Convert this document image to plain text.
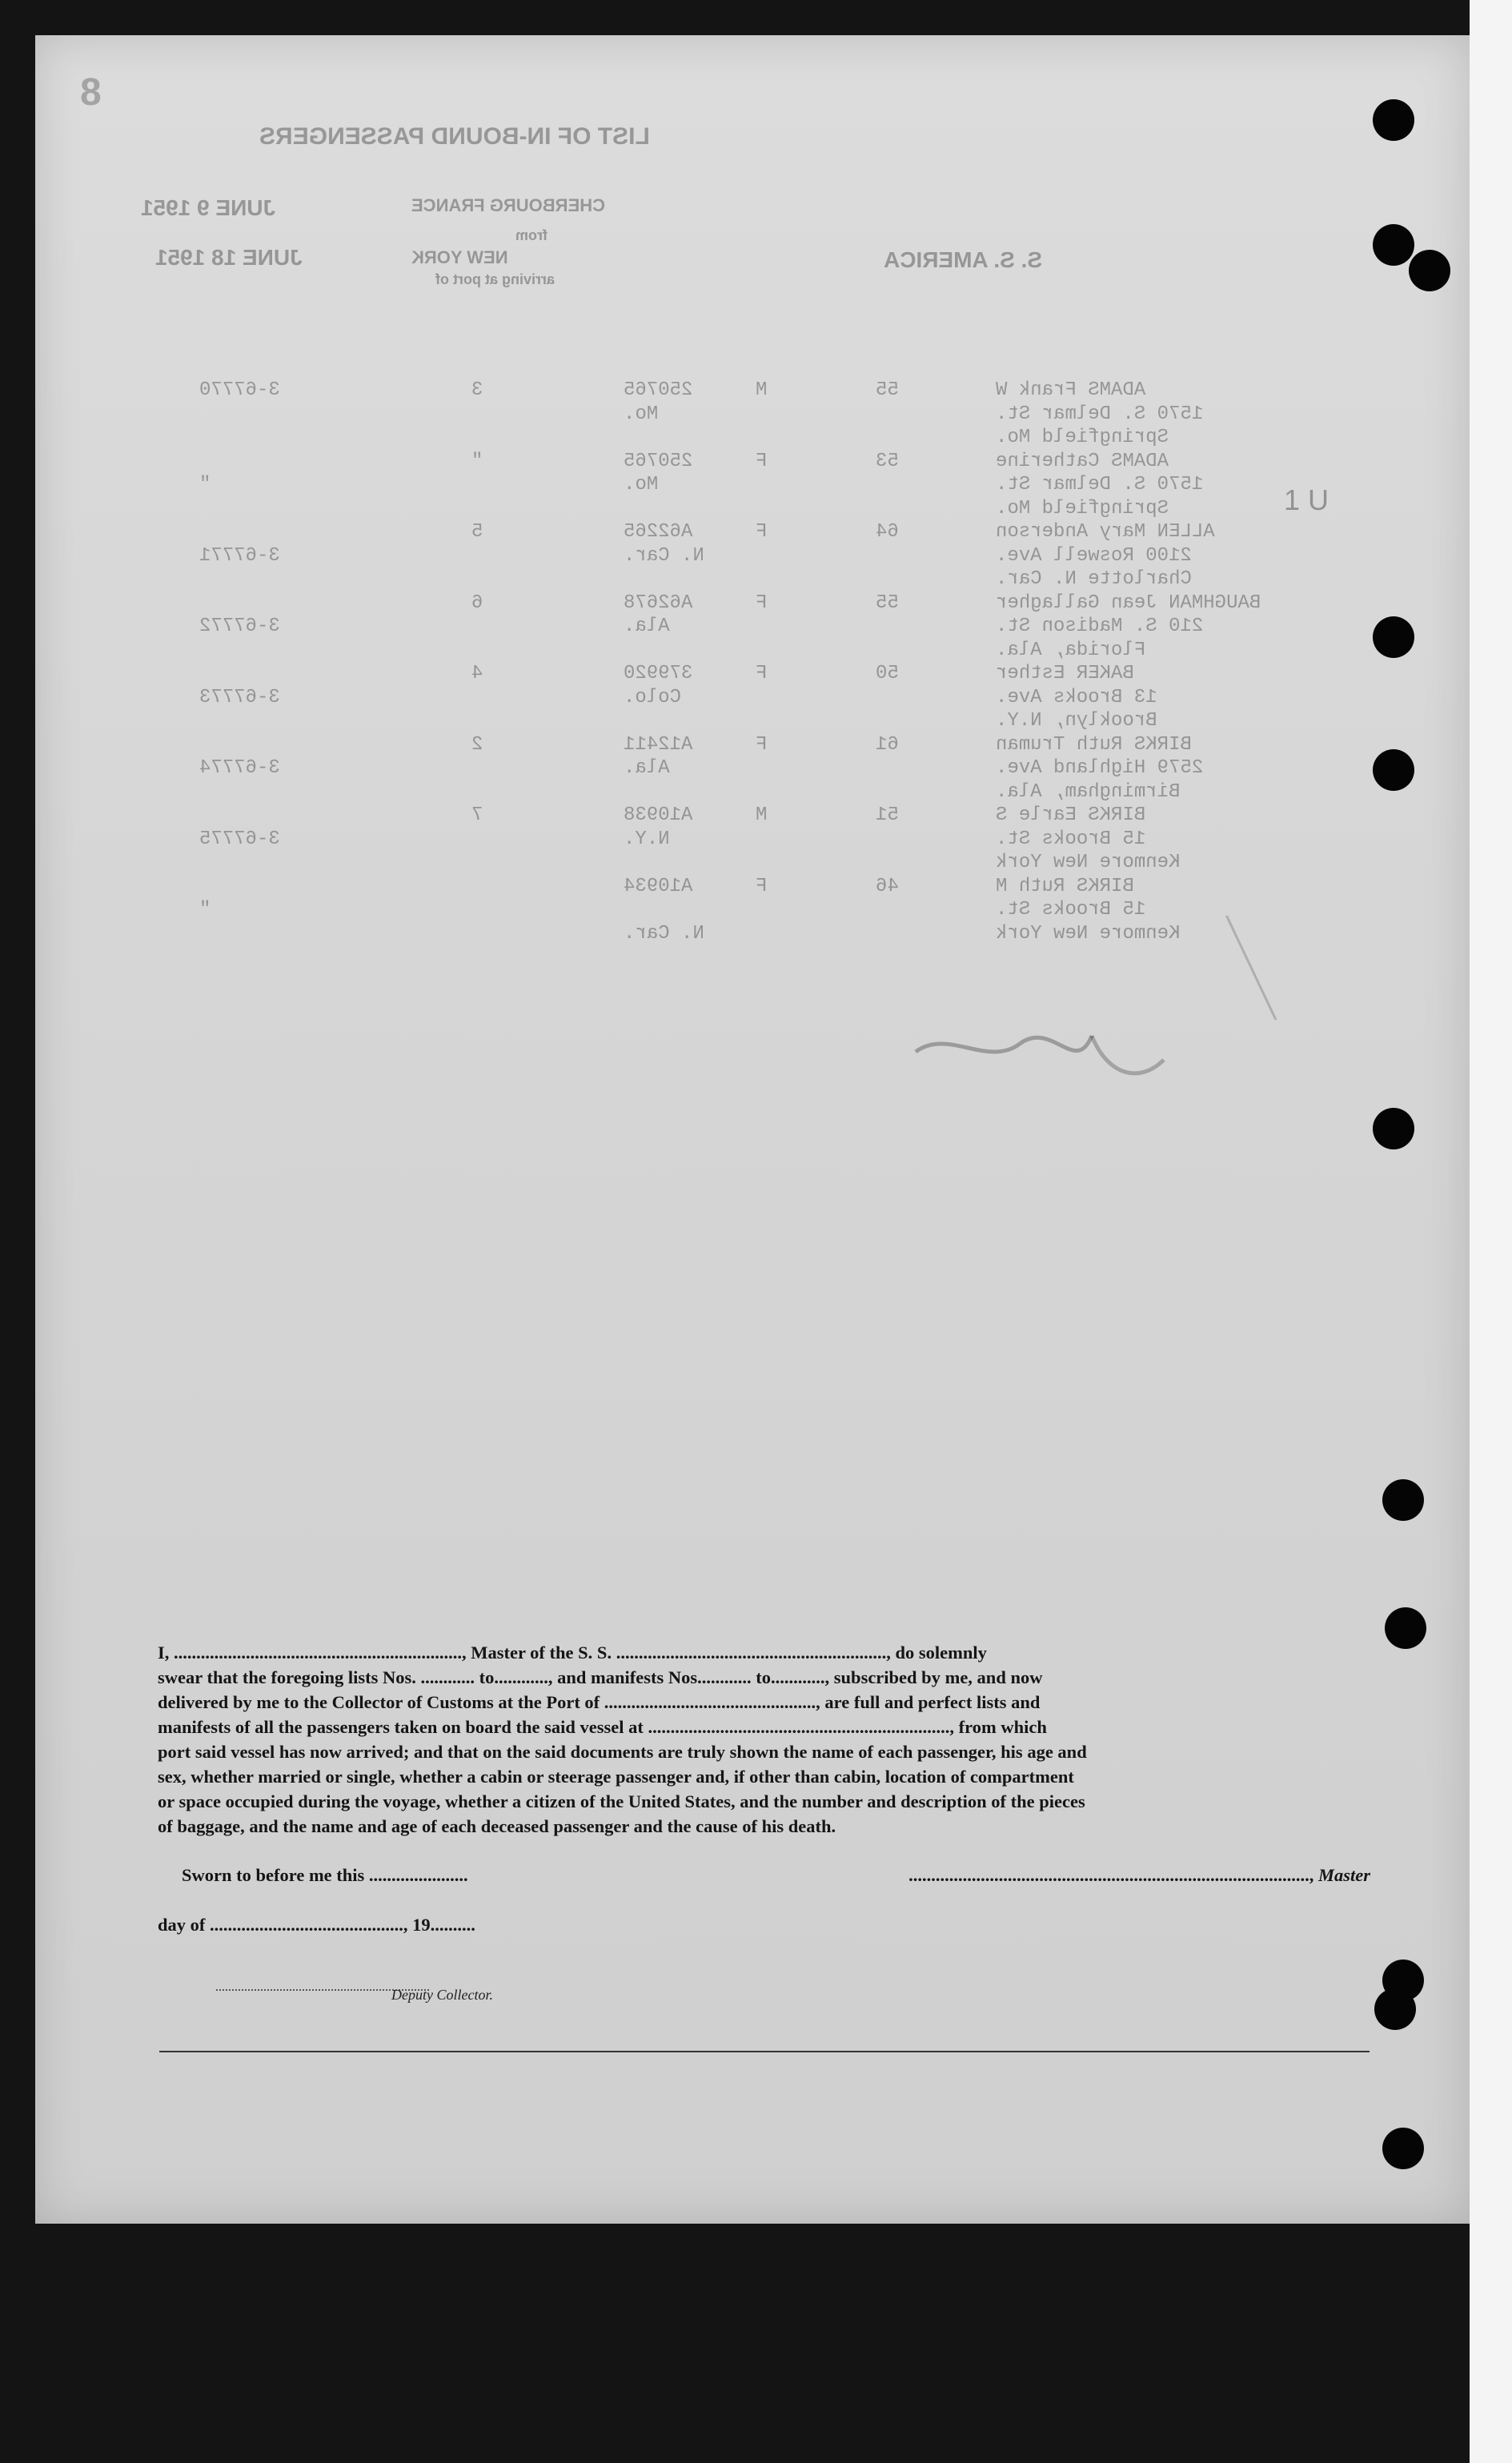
8
LIST OF IN-BOUND PASSENGERS
CHERBOURG FRANCE
JUNE 9 1951
NEW YORK
JUNE 18 1951	S. S. AMERICA
arriving at port of
from
ADAMS Frank W
55
M
250765
3
3-67770
1570 S. Delmar St.
Mo.
Springfield Mo.
ADAMS Catherine
53
F
250765
"
1570 S. Delmar St.
Mo.
"
Springfield Mo.
ALLEN Mary Anderson
64
F
A62265
5
2100 Roswell Ave.
N. Car.
3-67771
Charlotte N. Car.
BAUGHMAN Jean Gallagher
55
F
A62678
6
210 S. Madison St.
Ala.
3-67772
Florida, Ala.
BAKER Esther
50
F
379920
4
13 Brooks Ave.
Colo.
3-67773
Brooklyn, N.Y.
BIRKS Ruth Truman
61
F
A12411
2
2579 Highland Ave.
Ala.
3-67774
Birmingham, Ala.
BIRKS Earle S
51
M
A10938
7
15 Brooks St.
N.Y.
3-67775
Kenmore New York
BIRKS Ruth M
46
F
A10934
15 Brooks St.
"
Kenmore New York
N. Car.
1 U

I, ................................................................, Master of the S. S. ............................................................, do solemnly

swear that the foregoing lists Nos. ............ to............, and manifests Nos............ to............, subscribed by me, and now

delivered by me to the Collector of Customs at the Port of ..............................................., are full and perfect lists and

manifests of all the passengers taken on board the said vessel at ..................................................................., from which

port said vessel has now arrived; and that on the said documents are truly shown the name of each passenger, his age and

sex, whether married or single, whether a cabin or steerage passenger and, if other than cabin, location of compartment

or space occupied during the voyage, whether a citizen of the United States, and the number and description of the pieces

of baggage, and the name and age of each deceased passenger and the cause of his death.

Sworn to before me this ......................	........................................................................................., Master
day of ..........................................., 19..........
...................................................................
Deputy Collector.
